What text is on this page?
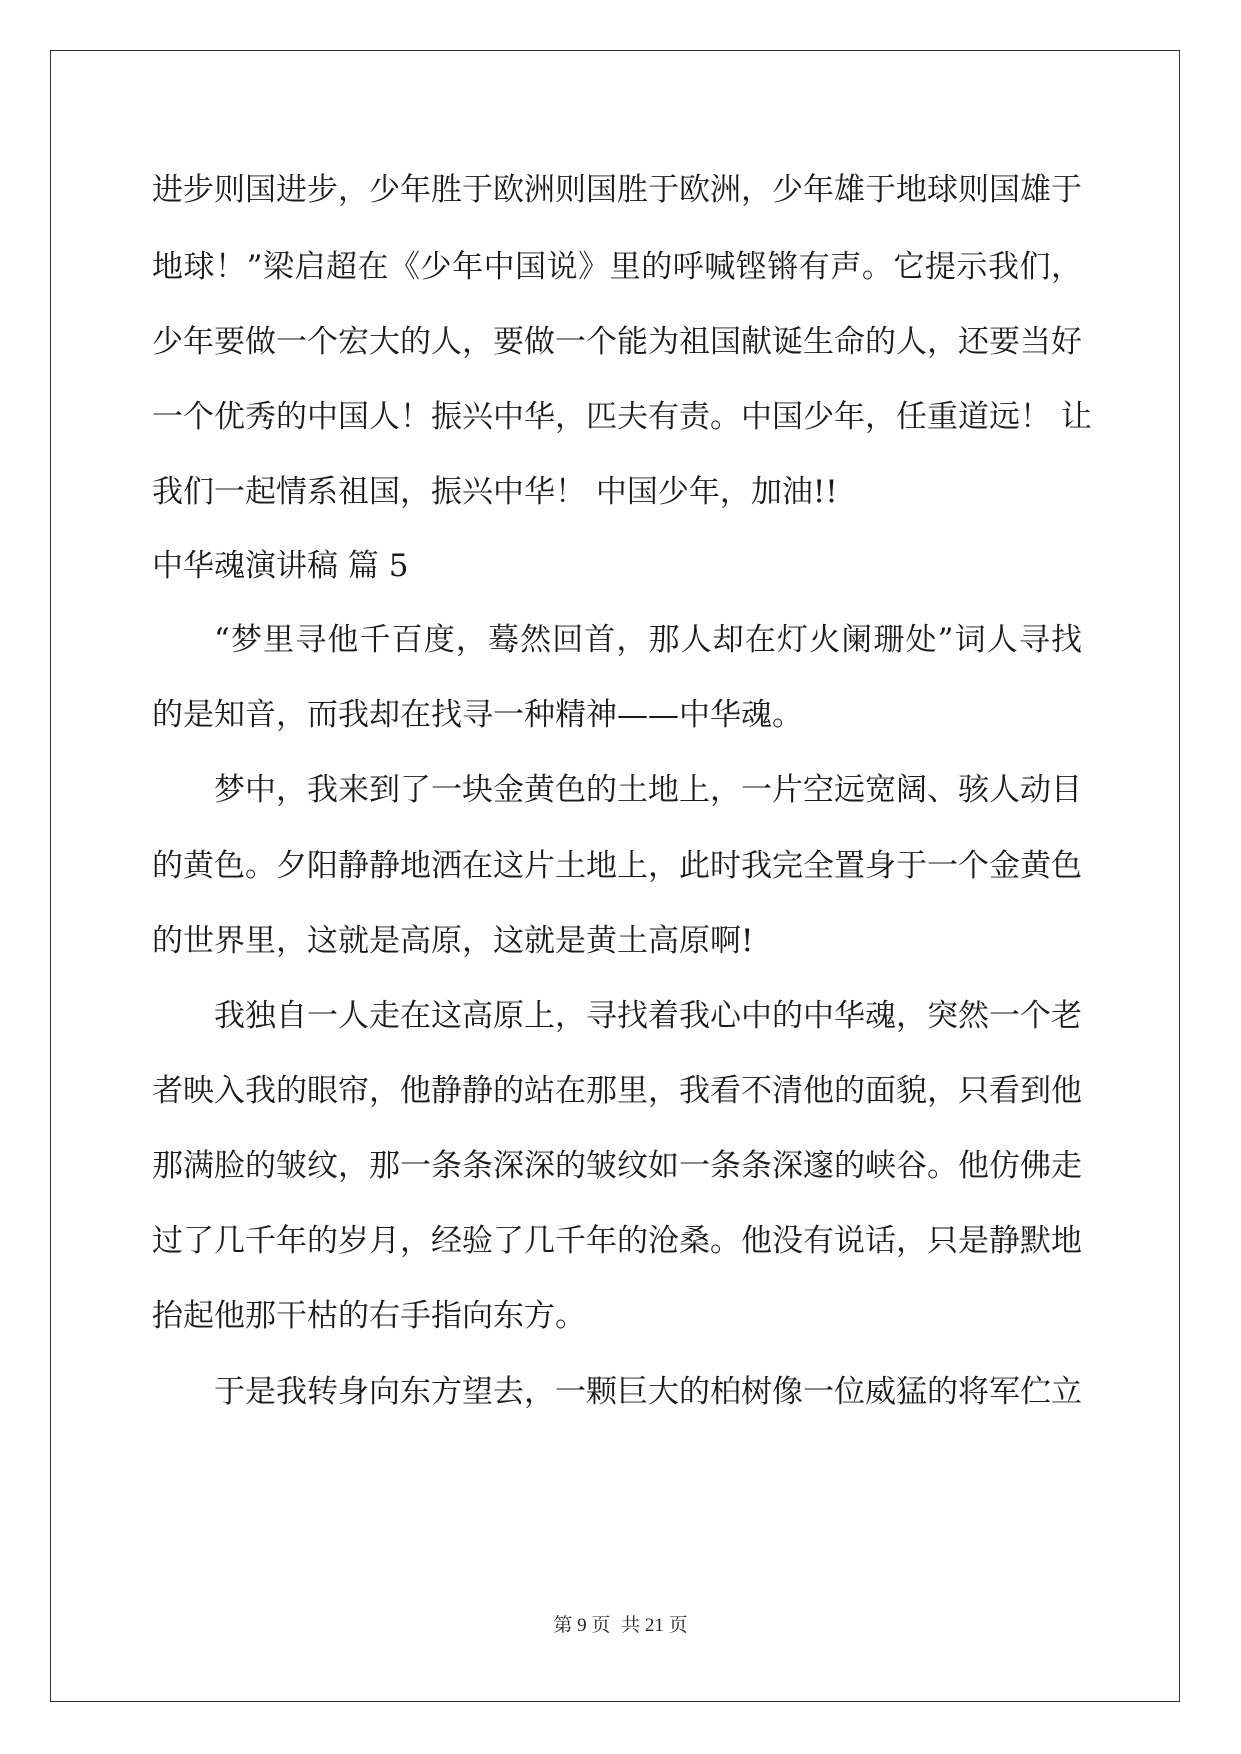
进步则国进步，少年胜于欧洲则国胜于欧洲，少年雄于地球则国雄于
地球！”梁启超在《少年中国说》里的呼喊铿锵有声。它提示我们，
少年要做一个宏大的人，要做一个能为祖国献诞生命的人，还要当好
一个优秀的中国人！振兴中华，匹夫有责。中国少年，任重道远！ 让
我们一起情系祖国，振兴中华！ 中国少年，加油!!
中华魂演讲稿 篇 5
“梦里寻他千百度，蓦然回首，那人却在灯火阑珊处”词人寻找
的是知音，而我却在找寻一种精神——中华魂。
梦中，我来到了一块金黄色的土地上，一片空远宽阔、骇人动目
的黄色。夕阳静静地洒在这片土地上，此时我完全置身于一个金黄色
的世界里，这就是高原，这就是黄土高原啊!
我独自一人走在这高原上，寻找着我心中的中华魂，突然一个老
者映入我的眼帘，他静静的站在那里，我看不清他的面貌，只看到他
那满脸的皱纹，那一条条深深的皱纹如一条条深邃的峡谷。他仿佛走
过了几千年的岁月，经验了几千年的沧桑。他没有说话，只是静默地
抬起他那干枯的右手指向东方。
于是我转身向东方望去，一颗巨大的柏树像一位威猛的将军伫立
第 9 页 共 21 页
